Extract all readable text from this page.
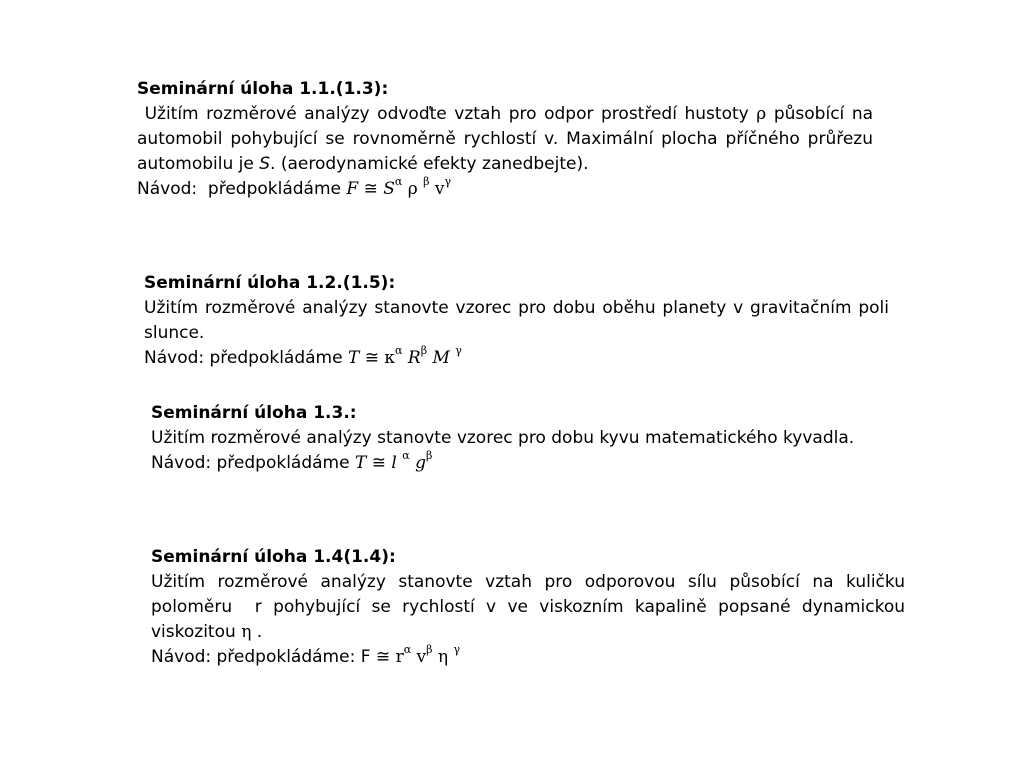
Seminární úloha 1.1.(1.3):

Užitím rozměrové analýzy odvoďte vztah pro odpor prostředí hustoty ρ působící na automobil pohybující se rovnoměrně rychlostí v. Maximální plocha příčného průřezu automobilu je S. (aerodynamické efekty zanedbejte).

Návod:  předpokládáme F ≅ $S^\alpha$ ρ $^\beta$ $v^\gamma$

Seminární úloha 1.2.(1.5):

Užitím rozměrové analýzy stanovte vzorec pro dobu oběhu planety v gravitačním poli slunce.

Návod: předpokládáme T ≅ $\kappa^\alpha$ $R^\beta$ M $^\gamma$

Seminární úloha 1.3.:

Užitím rozměrové analýzy stanovte vzorec pro dobu kyvu matematického kyvadla.

Návod: předpokládáme T ≅ l $^\alpha$ $g^\beta$

Seminární úloha 1.4(1.4):

Užitím rozměrové analýzy stanovte vztah pro odporovou sílu působící na kuličku poloměru  r pohybující se rychlostí v ve viskozním kapalině popsané dynamickou viskozitou η .

Návod: předpokládáme: F ≅ $r^\alpha$ $v^\beta$ η $^\gamma$
